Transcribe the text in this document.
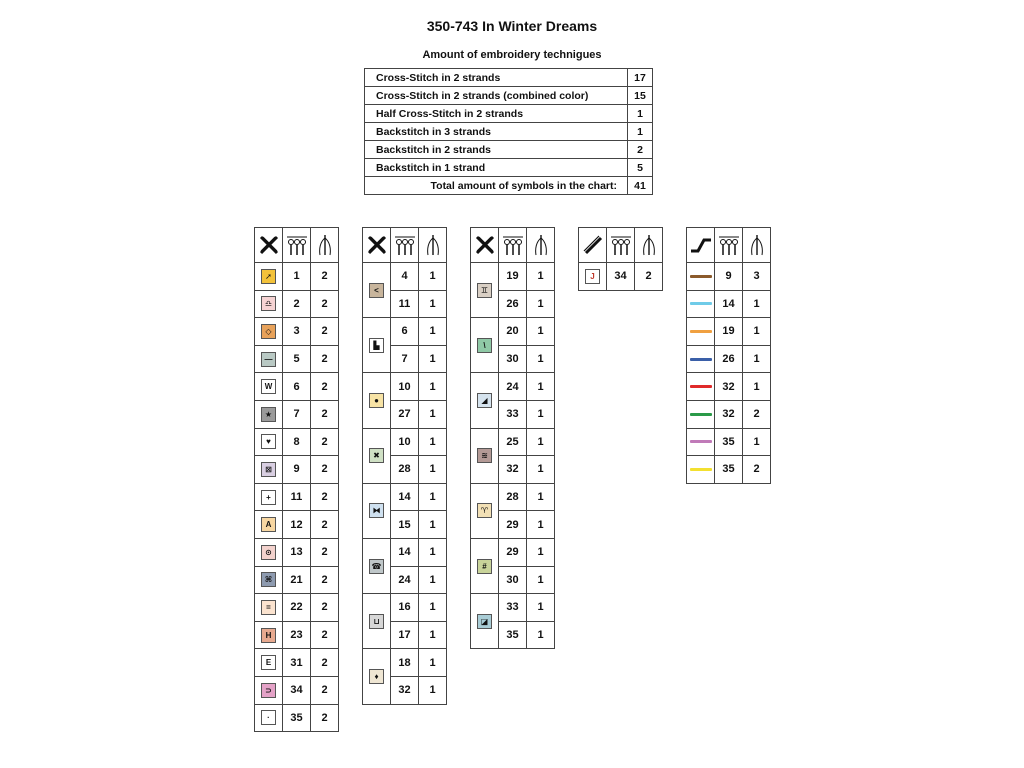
350-743 In Winter Dreams
Amount of embroidery technigues
Cross-Stitch in 2 strands	17
Cross-Stitch in 2 strands (combined color)	15
Half Cross-Stitch in 2 strands	1
Backstitch in 3 strands	1
Backstitch in 2 strands	2
Backstitch in 1 strand	5
Total amount of symbols in the chart:	41

➚	1	2
♎	2	2
◇	3	2
—	5	2
W	6	2
★	7	2
♥	8	2
⊠	9	2
+	11	2
A	12	2
⊙	13	2
⌘	21	2
=	22	2
H	23	2
E	31	2
⊃	34	2
·	35	2

<	4	1
	11	1
▙	6	1
	7	1
●	10	1
	27	1
✖	10	1
	28	1
⧓	14	1
	15	1
☎	14	1
	24	1
⊔	16	1
	17	1
♦	18	1
	32	1

♊	19	1
	26	1
\	20	1
	30	1
◢	24	1
	33	1
≋	25	1
	32	1
♈	28	1
	29	1
#	29	1
	30	1
◪	33	1
	35	1

J	34	2

		9	3
	14	1
	19	1
	26	1
	32	1
	32	2
	35	1
	35	2
